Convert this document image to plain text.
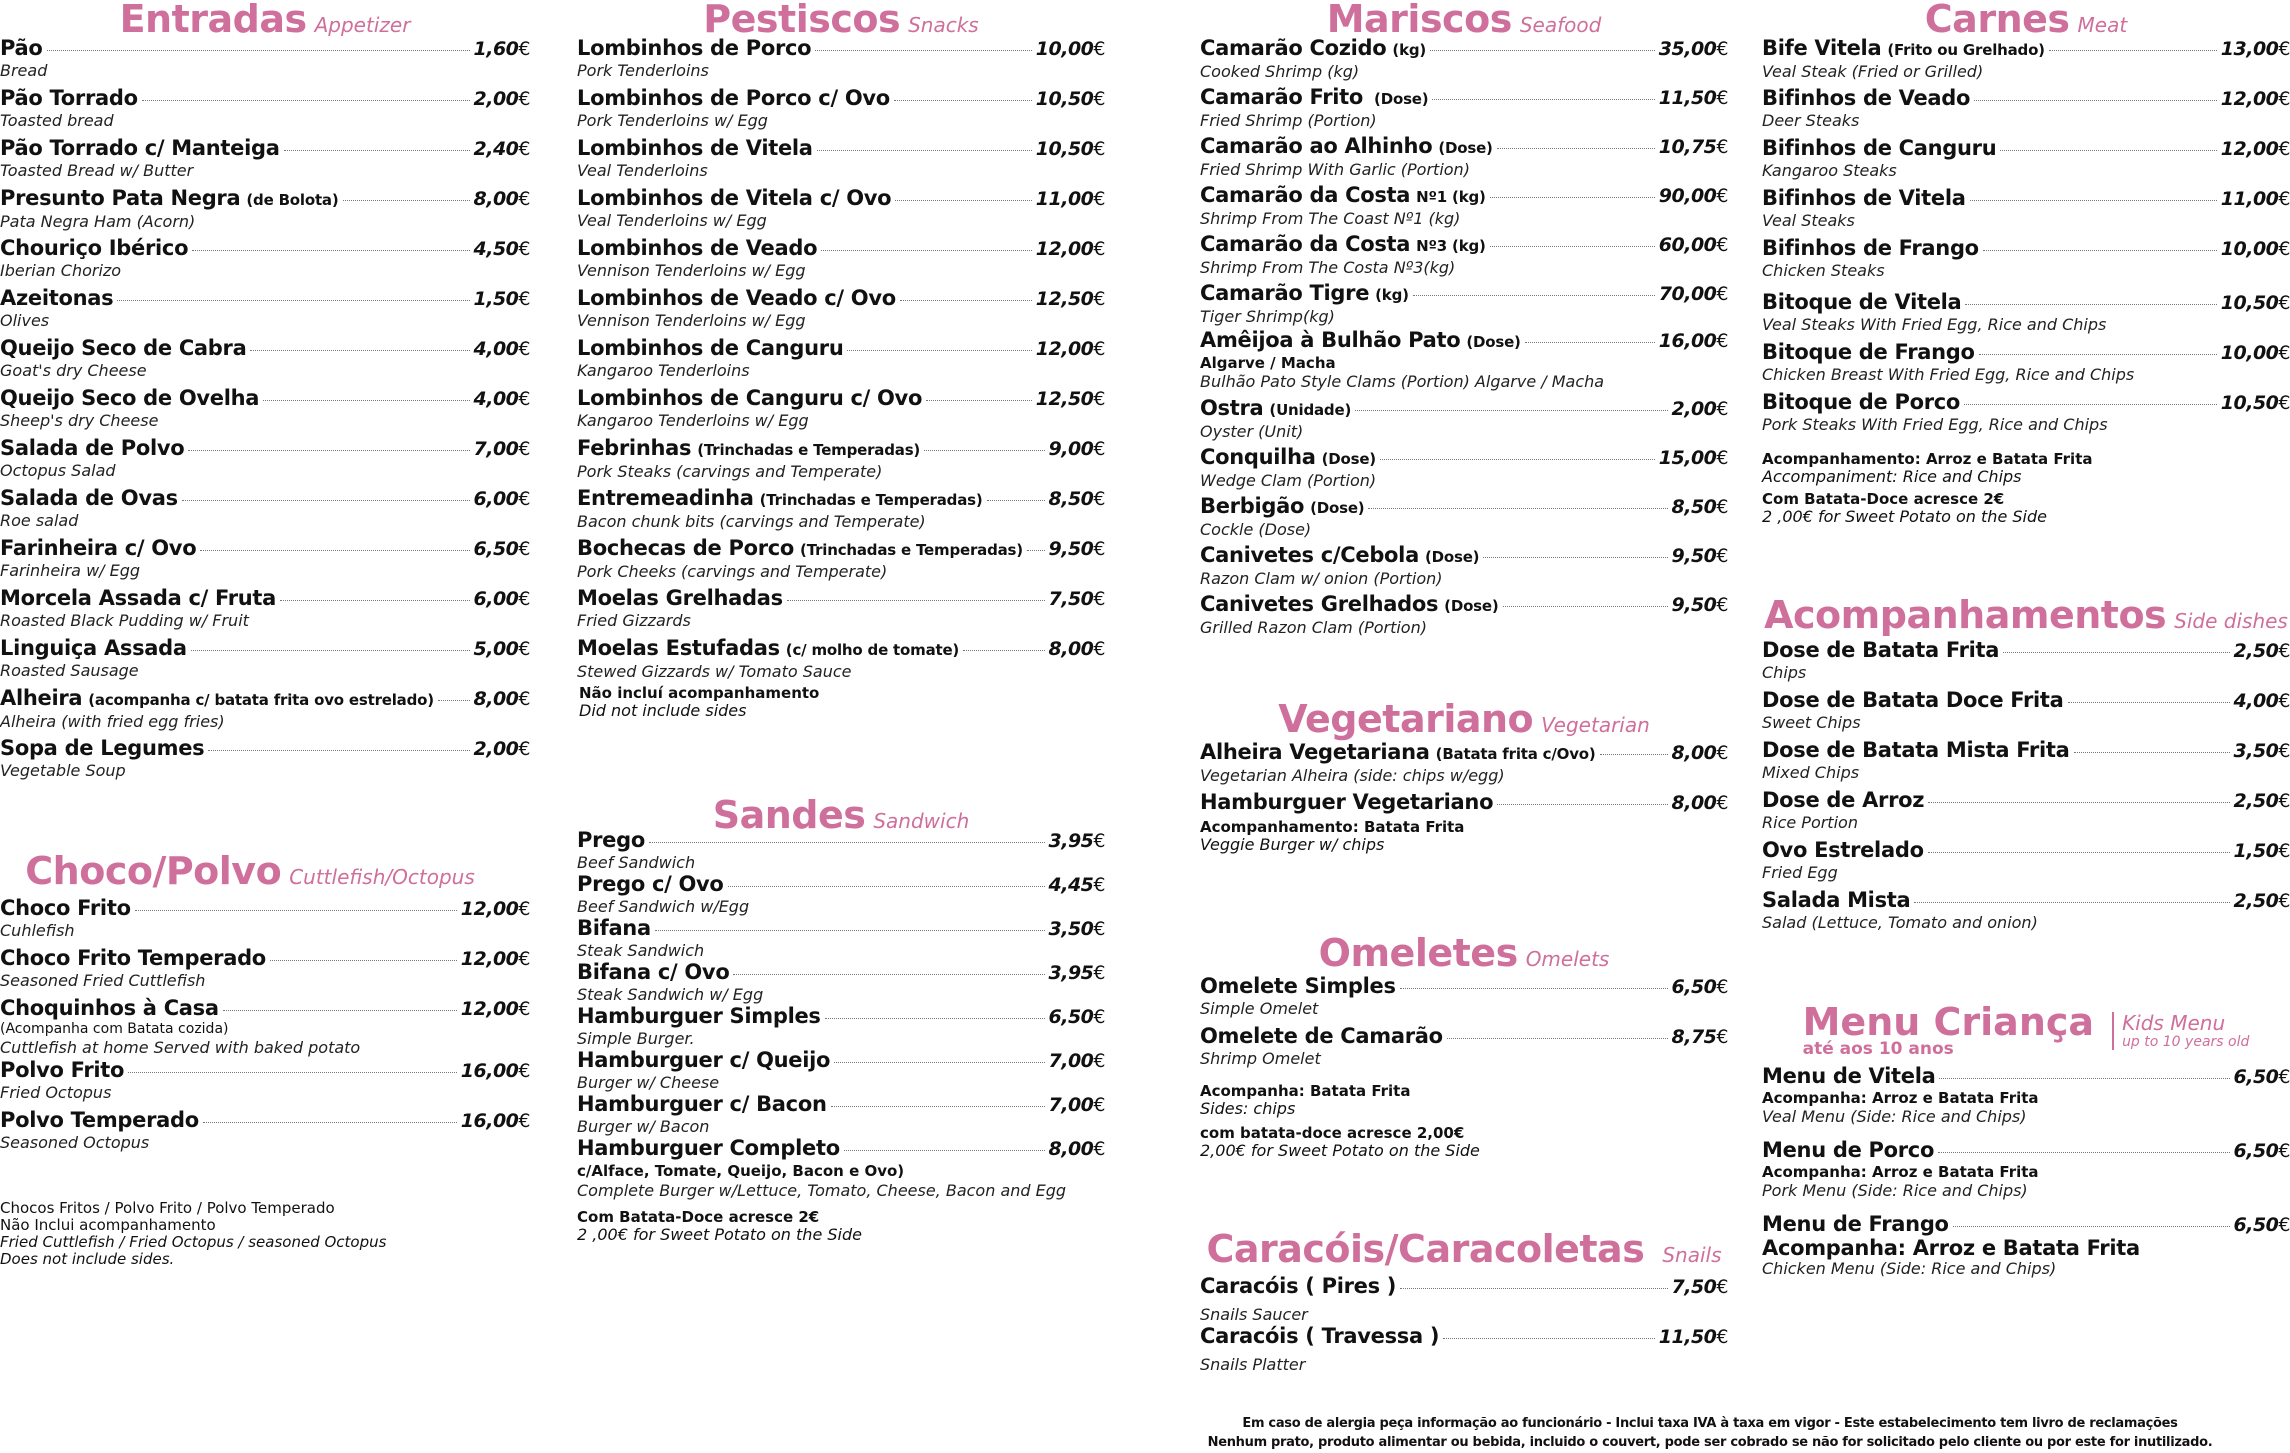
Entradas Appetizer
Pão	1,60€
Bread
Pão Torrado	2,00€
Toasted bread
Pão Torrado c/ Manteiga	2,40€
Toasted Bread w/ Butter
Presunto Pata Negra (de Bolota)	8,00€
Pata Negra Ham (Acorn)
Chouriço Ibérico	4,50€
Iberian Chorizo
Azeitonas	1,50€
Olives
Queijo Seco de Cabra	4,00€
Goat's dry Cheese
Queijo Seco de Ovelha	4,00€
Sheep's dry Cheese
Salada de Polvo	7,00€
Octopus Salad
Salada de Ovas	6,00€
Roe salad
Farinheira c/ Ovo	6,50€
Farinheira w/ Egg
Morcela Assada c/ Fruta	6,00€
Roasted Black Pudding w/ Fruit
Linguiça Assada	5,00€
Roasted Sausage
Alheira (acompanha c/ batata frita ovo estrelado) 8,00€
Alheira (with fried egg fries)
Sopa de Legumes	2,00€
Vegetable Soup
Choco/Polvo Cuttlefish/Octopus
Choco Frito	12,00€
Cuhlefish
Choco Frito Temperado	12,00€
Seasoned Fried Cuttlefish
Choquinhos à Casa	12,00€
(Acompanha com Batata cozida)
Cuttlefish at home Served with baked potato
Polvo Frito	16,00€
Fried Octopus
Polvo Temperado	16,00€
Seasoned Octopus
Chocos Fritos / Polvo Frito / Polvo Temperado
Não Inclui acompanhamento
Fried Cuttlefish / Fried Octopus / seasoned Octopus
Does not include sides.
Pestiscos Snacks
Lombinhos de Porco	10,00€
Pork Tenderloins
Lombinhos de Porco c/ Ovo	10,50€
Pork Tenderloins w/ Egg
Lombinhos de Vitela	10,50€
Veal Tenderloins
Lombinhos de Vitela c/ Ovo	11,00€
Veal Tenderloins w/ Egg
Lombinhos de Veado	12,00€
Vennison Tenderloins w/ Egg
Lombinhos de Veado c/ Ovo	12,50€
Vennison Tenderloins w/ Egg
Lombinhos de Canguru	12,00€
Kangaroo Tenderloins
Lombinhos de Canguru c/ Ovo	12,50€
Kangaroo Tenderloins w/ Egg
Febrinhas (Trinchadas e Temperadas)	9,00€
Pork Steaks (carvings and Temperate)
Entremeadinha (Trinchadas e Temperadas)	8,50€
Bacon chunk bits (carvings and Temperate)
Bochecas de Porco (Trinchadas e Temperadas) 9,50€
Pork Cheeks (carvings and Temperate)
Moelas Grelhadas	7,50€
Fried Gizzards
Moelas Estufadas (c/ molho de tomate)	8,00€
Stewed Gizzards w/ Tomato Sauce
Não incluí acompanhamento
Did not include sides
Sandes Sandwich
Prego	3,95€
Beef Sandwich
Prego c/ Ovo	4,45€
Beef Sandwich w/Egg
Bifana	3,50€
Steak Sandwich
Bifana c/ Ovo	3,95€
Steak Sandwich w/ Egg
Hamburguer Simples	6,50€
Simple Burger.
Hamburguer c/ Queijo	7,00€
Burger w/ Cheese
Hamburguer c/ Bacon	7,00€
Burger w/ Bacon
Hamburguer Completo	8,00€
c/Alface, Tomate, Queijo, Bacon e Ovo)
Complete Burger w/Lettuce, Tomato, Cheese, Bacon and Egg
Com Batata-Doce acresce 2€
2 ,00€ for Sweet Potato on the Side
Mariscos Seafood
Camarão Cozido (kg)	35,00€
Cooked Shrimp (kg)
Camarão Frito (Dose)	11,50€
Fried Shrimp (Portion)
Camarão ao Alhinho (Dose)	10,75€
Fried Shrimp With Garlic (Portion)
Camarão da Costa Nº1 (kg)	90,00€
Shrimp From The Coast Nº1 (kg)
Camarão da Costa Nº3 (kg)	60,00€
Shrimp From The Costa Nº3(kg)
Camarão Tigre (kg)	70,00€
Tiger Shrimp(kg)
Amêijoa à Bulhão Pato (Dose)	16,00€
Algarve / Macha
Bulhão Pato Style Clams (Portion) Algarve / Macha
Ostra (Unidade)	2,00€
Oyster (Unit)
Conquilha (Dose)	15,00€
Wedge Clam (Portion)
Berbigão (Dose)	8,50€
Cockle (Dose)
Canivetes c/Cebola (Dose)	9,50€
Razon Clam w/ onion (Portion)
Canivetes Grelhados (Dose)	9,50€
Grilled Razon Clam (Portion)
Vegetariano Vegetarian
Alheira Vegetariana (Batata frita c/Ovo)	8,00€
Vegetarian Alheira (side: chips w/egg)
Hamburguer Vegetariano	8,00€
Acompanhamento: Batata Frita
Veggie Burger w/ chips
Omeletes Omelets
Omelete Simples	6,50€
Simple Omelet
Omelete de Camarão	8,75€
Shrimp Omelet
Acompanha: Batata Frita
Sides: chips
com batata-doce acresce 2,00€
2,00€ for Sweet Potato on the Side
Caracóis/Caracoletas Snails
Caracóis ( Pires )	7,50€
Snails Saucer
Caracóis ( Travessa )	11,50€
Snails Platter
Carnes Meat
Bife Vitela (Frito ou Grelhado)	13,00€
Veal Steak (Fried or Grilled)
Bifinhos de Veado	12,00€
Deer Steaks
Bifinhos de Canguru	12,00€
Kangaroo Steaks
Bifinhos de Vitela	11,00€
Veal Steaks
Bifinhos de Frango	10,00€
Chicken Steaks
Bitoque de Vitela	10,50€
Veal Steaks With Fried Egg, Rice and Chips
Bitoque de Frango	10,00€
Chicken Breast With Fried Egg, Rice and Chips
Bitoque de Porco	10,50€
Pork Steaks With Fried Egg, Rice and Chips
Acompanhamento: Arroz e Batata Frita
Accompaniment: Rice and Chips
Com Batata-Doce acresce 2€
2 ,00€ for Sweet Potato on the Side
Acompanhamentos Side dishes
Dose de Batata Frita	2,50€
Chips
Dose de Batata Doce Frita	4,00€
Sweet Chips
Dose de Batata Mista Frita	3,50€
Mixed Chips
Dose de Arroz	2,50€
Rice Portion
Ovo Estrelado	1,50€
Fried Egg
Salada Mista	2,50€
Salad (Lettuce, Tomato and onion)
Menu Criança
até aos 10 anos
Kids Menu
up to 10 years old
Menu de Vitela	6,50€
Acompanha: Arroz e Batata Frita
Veal Menu (Side: Rice and Chips)
Menu de Porco	6,50€
Acompanha: Arroz e Batata Frita
Pork Menu (Side: Rice and Chips)
Menu de Frango	6,50€
Acompanha: Arroz e Batata Frita
Chicken Menu (Side: Rice and Chips)
Em caso de alergia peça informação ao funcionário - Inclui taxa IVA à taxa em vigor - Este estabelecimento tem livro de reclamações
Nenhum prato, produto alimentar ou bebida, incluido o couvert, pode ser cobrado se não for solicitado pelo cliente ou por este for inutilizado.
